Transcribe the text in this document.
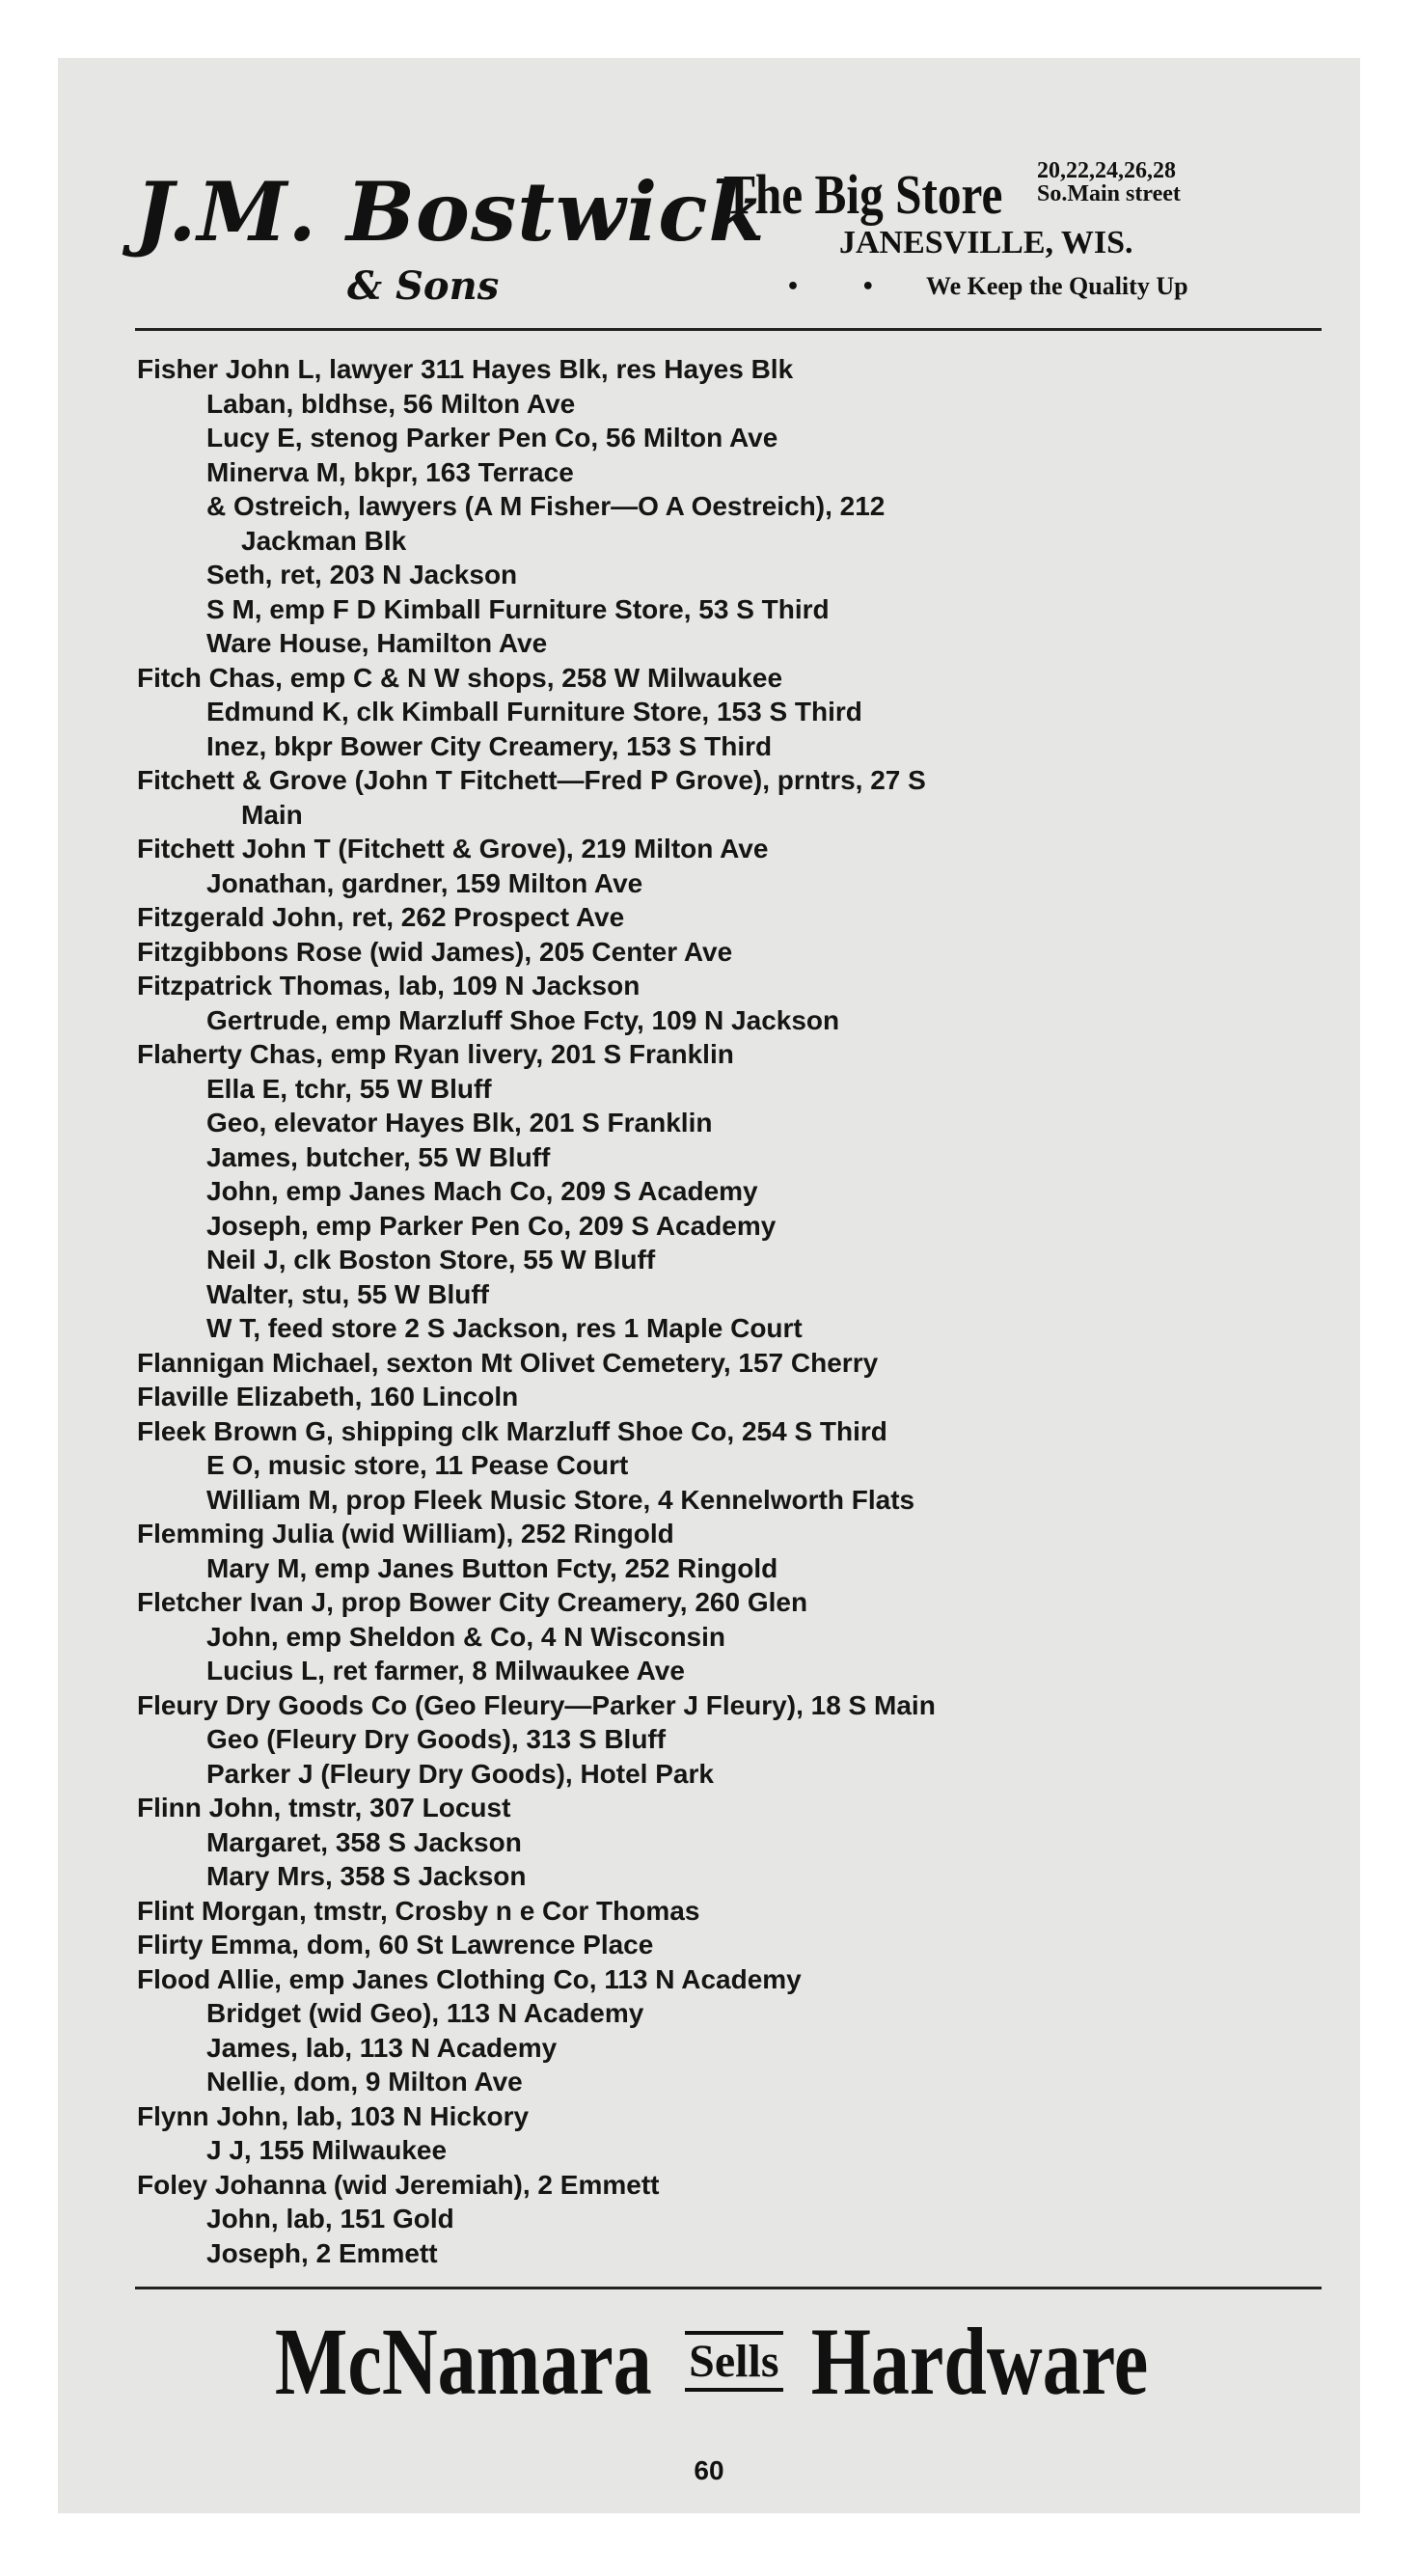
J.M. Bostwick
& Sons
The Big Store 20,22,24,26,28
So.Main street
JANESVILLE, WIS.
• • We Keep the Quality Up
Fisher John L, lawyer 311 Hayes Blk, res Hayes Blk
Laban, bldhse, 56 Milton Ave
Lucy E, stenog Parker Pen Co, 56 Milton Ave
Minerva M, bkpr, 163 Terrace
& Ostreich, lawyers (A M Fisher—O A Oestreich), 212
Jackman Blk
Seth, ret, 203 N Jackson
S M, emp F D Kimball Furniture Store, 53 S Third
Ware House, Hamilton Ave
Fitch Chas, emp C & N W shops, 258 W Milwaukee
Edmund K, clk Kimball Furniture Store, 153 S Third
Inez, bkpr Bower City Creamery, 153 S Third
Fitchett & Grove (John T Fitchett—Fred P Grove), prntrs, 27 S
Main
Fitchett John T (Fitchett & Grove), 219 Milton Ave
Jonathan, gardner, 159 Milton Ave
Fitzgerald John, ret, 262 Prospect Ave
Fitzgibbons Rose (wid James), 205 Center Ave
Fitzpatrick Thomas, lab, 109 N Jackson
Gertrude, emp Marzluff Shoe Fcty, 109 N Jackson
Flaherty Chas, emp Ryan livery, 201 S Franklin
Ella E, tchr, 55 W Bluff
Geo, elevator Hayes Blk, 201 S Franklin
James, butcher, 55 W Bluff
John, emp Janes Mach Co, 209 S Academy
Joseph, emp Parker Pen Co, 209 S Academy
Neil J, clk Boston Store, 55 W Bluff
Walter, stu, 55 W Bluff
W T, feed store 2 S Jackson, res 1 Maple Court
Flannigan Michael, sexton Mt Olivet Cemetery, 157 Cherry
Flaville Elizabeth, 160 Lincoln
Fleek Brown G, shipping clk Marzluff Shoe Co, 254 S Third
E O, music store, 11 Pease Court
William M, prop Fleek Music Store, 4 Kennelworth Flats
Flemming Julia (wid William), 252 Ringold
Mary M, emp Janes Button Fcty, 252 Ringold
Fletcher Ivan J, prop Bower City Creamery, 260 Glen
John, emp Sheldon & Co, 4 N Wisconsin
Lucius L, ret farmer, 8 Milwaukee Ave
Fleury Dry Goods Co (Geo Fleury—Parker J Fleury), 18 S Main
Geo (Fleury Dry Goods), 313 S Bluff
Parker J (Fleury Dry Goods), Hotel Park
Flinn John, tmstr, 307 Locust
Margaret, 358 S Jackson
Mary Mrs, 358 S Jackson
Flint Morgan, tmstr, Crosby n e Cor Thomas
Flirty Emma, dom, 60 St Lawrence Place
Flood Allie, emp Janes Clothing Co, 113 N Academy
Bridget (wid Geo), 113 N Academy
James, lab, 113 N Academy
Nellie, dom, 9 Milton Ave
Flynn John, lab, 103 N Hickory
J J, 155 Milwaukee
Foley Johanna (wid Jeremiah), 2 Emmett
John, lab, 151 Gold
Joseph, 2 Emmett
McNamara Sells Hardware
60
